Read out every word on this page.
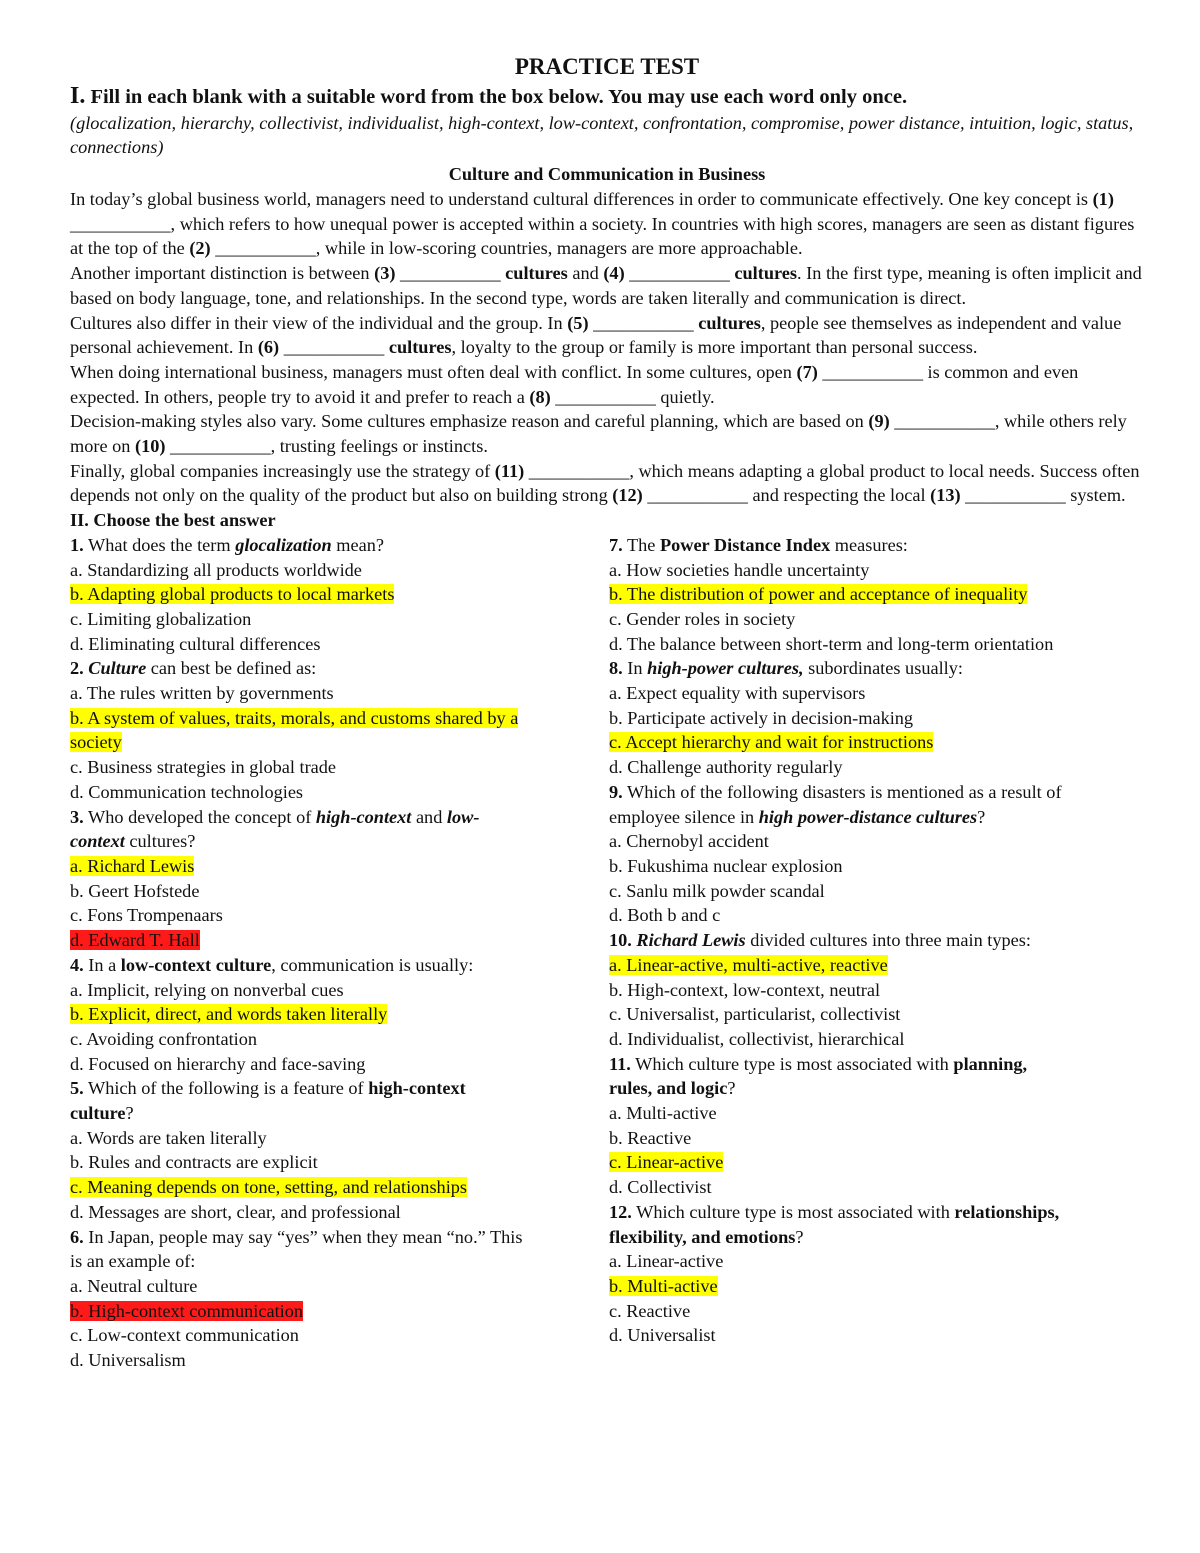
PRACTICE TEST
I. Fill in each blank with a suitable word from the box below. You may use each word only once.
(glocalization, hierarchy, collectivist, individualist, high-context, low-context, confrontation, compromise, power distance, intuition, logic, status, connections)
Culture and Communication in Business

In today’s global business world, managers need to understand cultural differences in order to communicate effectively. One key concept is (1) ___________, which refers to how unequal power is accepted within a society. In countries with high scores, managers are seen as distant figures at the top of the (2) ___________, while in low-scoring countries, managers are more approachable.

Another important distinction is between (3) ___________ cultures and (4) ___________ cultures. In the first type, meaning is often implicit and based on body language, tone, and relationships. In the second type, words are taken literally and communication is direct.

Cultures also differ in their view of the individual and the group. In (5) ___________ cultures, people see themselves as independent and value personal achievement. In (6) ___________ cultures, loyalty to the group or family is more important than personal success.

When doing international business, managers must often deal with conflict. In some cultures, open (7) ___________ is common and even expected. In others, people try to avoid it and prefer to reach a (8) ___________ quietly.

Decision-making styles also vary. Some cultures emphasize reason and careful planning, which are based on (9) ___________, while others rely more on (10) ___________, trusting feelings or instincts.

Finally, global companies increasingly use the strategy of (11) ___________, which means adapting a global product to local needs. Success often depends not only on the quality of the product but also on building strong (12) ___________ and respecting the local (13) ___________ system.

II. Choose the best answer
1. What does the term glocalization mean?
a. Standardizing all products worldwide
b. Adapting global products to local markets
c. Limiting globalization
d. Eliminating cultural differences
2. Culture can best be defined as:
a. The rules written by governments
b. A system of values, traits, morals, and customs shared by a
society
c. Business strategies in global trade
d. Communication technologies
3. Who developed the concept of high-context and low-
context cultures?
a. Richard Lewis
b. Geert Hofstede
c. Fons Trompenaars
d. Edward T. Hall
4. In a low-context culture, communication is usually:
a. Implicit, relying on nonverbal cues
b. Explicit, direct, and words taken literally
c. Avoiding confrontation
d. Focused on hierarchy and face-saving
5. Which of the following is a feature of high-context
culture?
a. Words are taken literally
b. Rules and contracts are explicit
c. Meaning depends on tone, setting, and relationships
d. Messages are short, clear, and professional
6. In Japan, people may say “yes” when they mean “no.” This
is an example of:
a. Neutral culture
b. High-context communication
c. Low-context communication
d. Universalism
7. The Power Distance Index measures:
a. How societies handle uncertainty
b. The distribution of power and acceptance of inequality
c. Gender roles in society
d. The balance between short-term and long-term orientation
8. In high-power cultures, subordinates usually:
a. Expect equality with supervisors
b. Participate actively in decision-making
c. Accept hierarchy and wait for instructions
d. Challenge authority regularly
9. Which of the following disasters is mentioned as a result of
employee silence in high power-distance cultures?
a. Chernobyl accident
b. Fukushima nuclear explosion
c. Sanlu milk powder scandal
d. Both b and c
10. Richard Lewis divided cultures into three main types:
a. Linear-active, multi-active, reactive
b. High-context, low-context, neutral
c. Universalist, particularist, collectivist
d. Individualist, collectivist, hierarchical
11. Which culture type is most associated with planning,
rules, and logic?
a. Multi-active
b. Reactive
c. Linear-active
d. Collectivist
12. Which culture type is most associated with relationships,
flexibility, and emotions?
a. Linear-active
b. Multi-active
c. Reactive
d. Universalist
